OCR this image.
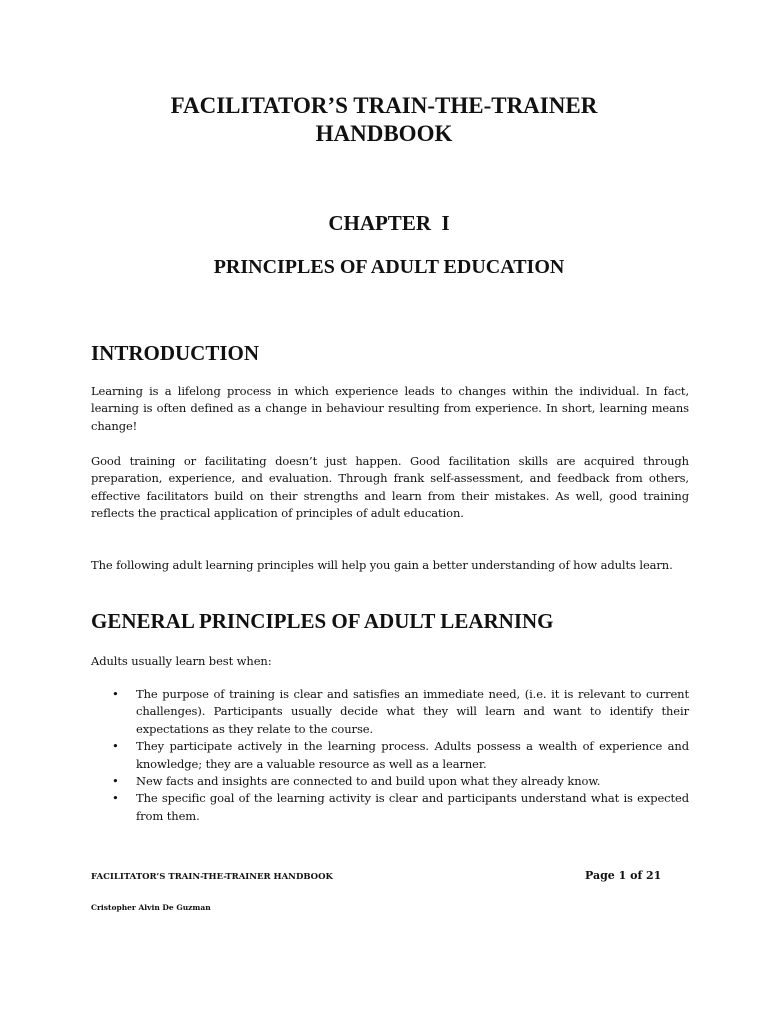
FACILITATOR’S TRAIN-THE-TRAINER
HANDBOOK
CHAPTER  I
PRINCIPLES OF ADULT EDUCATION
INTRODUCTION

Learning is a lifelong process in which experience leads to changes within the individual. In fact, learning is often defined as a change in behaviour resulting from experience. In short, learning means change!

Good training or facilitating doesn’t just happen. Good facilitation skills are acquired through preparation, experience, and evaluation. Through frank self-assessment, and feedback from others, effective facilitators build on their strengths and learn from their mistakes. As well, good training reflects the practical application of principles of adult education.

The following adult learning principles will help you gain a better understanding of how adults learn.

GENERAL PRINCIPLES OF ADULT LEARNING

Adults usually learn best when:

• The purpose of training is clear and satisfies an immediate need, (i.e. it is relevant to current challenges). Participants usually decide what they will learn and want to identify their expectations as they relate to the course.
• They participate actively in the learning process. Adults possess a wealth of experience and knowledge; they are a valuable resource as well as a learner.
• New facts and insights are connected to and build upon what they already know.
• The specific goal of the learning activity is clear and participants understand what is expected from them.
FACILITATOR’S TRAIN-THE-TRAINER HANDBOOK	Page 1 of 21
Cristopher Alvin De Guzman
